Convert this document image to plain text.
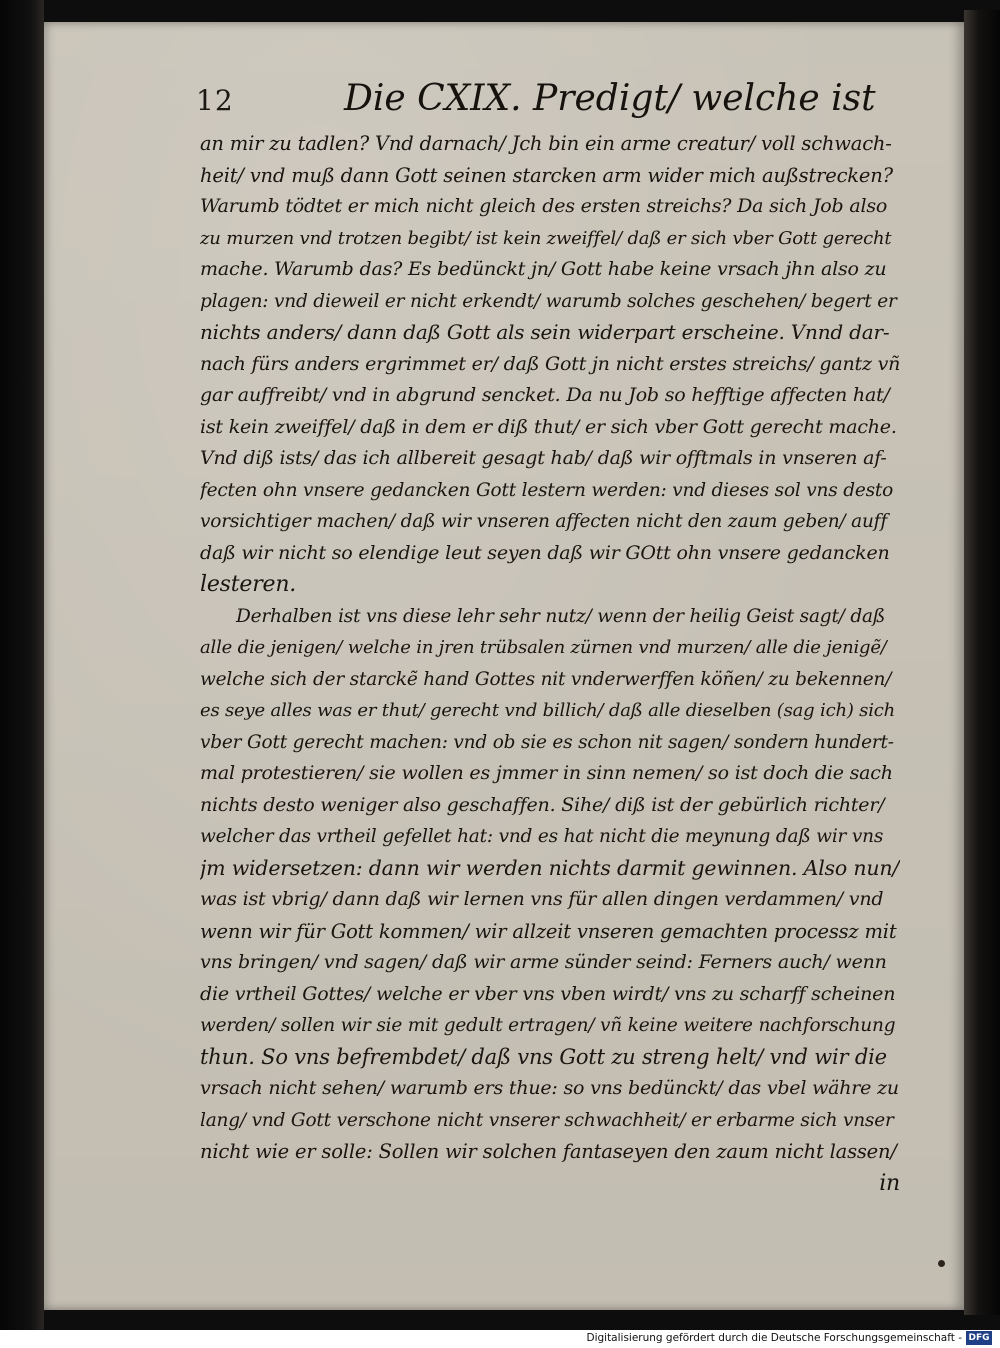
12	Die CXIX. Predigt/ welche ist
an mir zu tadlen? Vnd darnach/ Jch bin ein arme creatur/ voll schwach-
heit/ vnd muß dann Gott seinen starcken arm wider mich außstrecken?
Warumb tödtet er mich nicht gleich des ersten streichs? Da sich Job also
zu murzen vnd trotzen begibt/ ist kein zweiffel/ daß er sich vber Gott gerecht
mache. Warumb das? Es bedünckt jn/ Gott habe keine vrsach jhn also zu
plagen: vnd dieweil er nicht erkendt/ warumb solches geschehen/ begert er
nichts anders/ dann daß Gott als sein widerpart erscheine. Vnnd dar-
nach fürs anders ergrimmet er/ daß Gott jn nicht erstes streichs/ gantz vñ
gar auffreibt/ vnd in abgrund sencket. Da nu Job so hefftige affecten hat/
ist kein zweiffel/ daß in dem er diß thut/ er sich vber Gott gerecht mache.
Vnd diß ists/ das ich allbereit gesagt hab/ daß wir offtmals in vnseren af-
fecten ohn vnsere gedancken Gott lestern werden: vnd dieses sol vns desto
vorsichtiger machen/ daß wir vnseren affecten nicht den zaum geben/ auff
daß wir nicht so elendige leut seyen daß wir GOtt ohn vnsere gedancken
lesteren.
Derhalben ist vns diese lehr sehr nutz/ wenn der heilig Geist sagt/ daß
alle die jenigen/ welche in jren trübsalen zürnen vnd murzen/ alle die jenigẽ/
welche sich der starckẽ hand Gottes nit vnderwerffen köñen/ zu bekennen/
es seye alles was er thut/ gerecht vnd billich/ daß alle dieselben (sag ich) sich
vber Gott gerecht machen: vnd ob sie es schon nit sagen/ sondern hundert-
mal protestieren/ sie wollen es jmmer in sinn nemen/ so ist doch die sach
nichts desto weniger also geschaffen. Sihe/ diß ist der gebürlich richter/
welcher das vrtheil gefellet hat: vnd es hat nicht die meynung daß wir vns
jm widersetzen: dann wir werden nichts darmit gewinnen. Also nun/
was ist vbrig/ dann daß wir lernen vns für allen dingen verdammen/ vnd
wenn wir für Gott kommen/ wir allzeit vnseren gemachten processz mit
vns bringen/ vnd sagen/ daß wir arme sünder seind: Ferners auch/ wenn
die vrtheil Gottes/ welche er vber vns vben wirdt/ vns zu scharff scheinen
werden/ sollen wir sie mit gedult ertragen/ vñ keine weitere nachforschung
thun. So vns befrembdet/ daß vns Gott zu streng helt/ vnd wir die
vrsach nicht sehen/ warumb ers thue: so vns bedünckt/ das vbel währe zu
lang/ vnd Gott verschone nicht vnserer schwachheit/ er erbarme sich vnser
nicht wie er solle: Sollen wir solchen fantaseyen den zaum nicht lassen/
in
Digitalisierung gefördert durch die Deutsche Forschungsgemeinschaft - DFG
